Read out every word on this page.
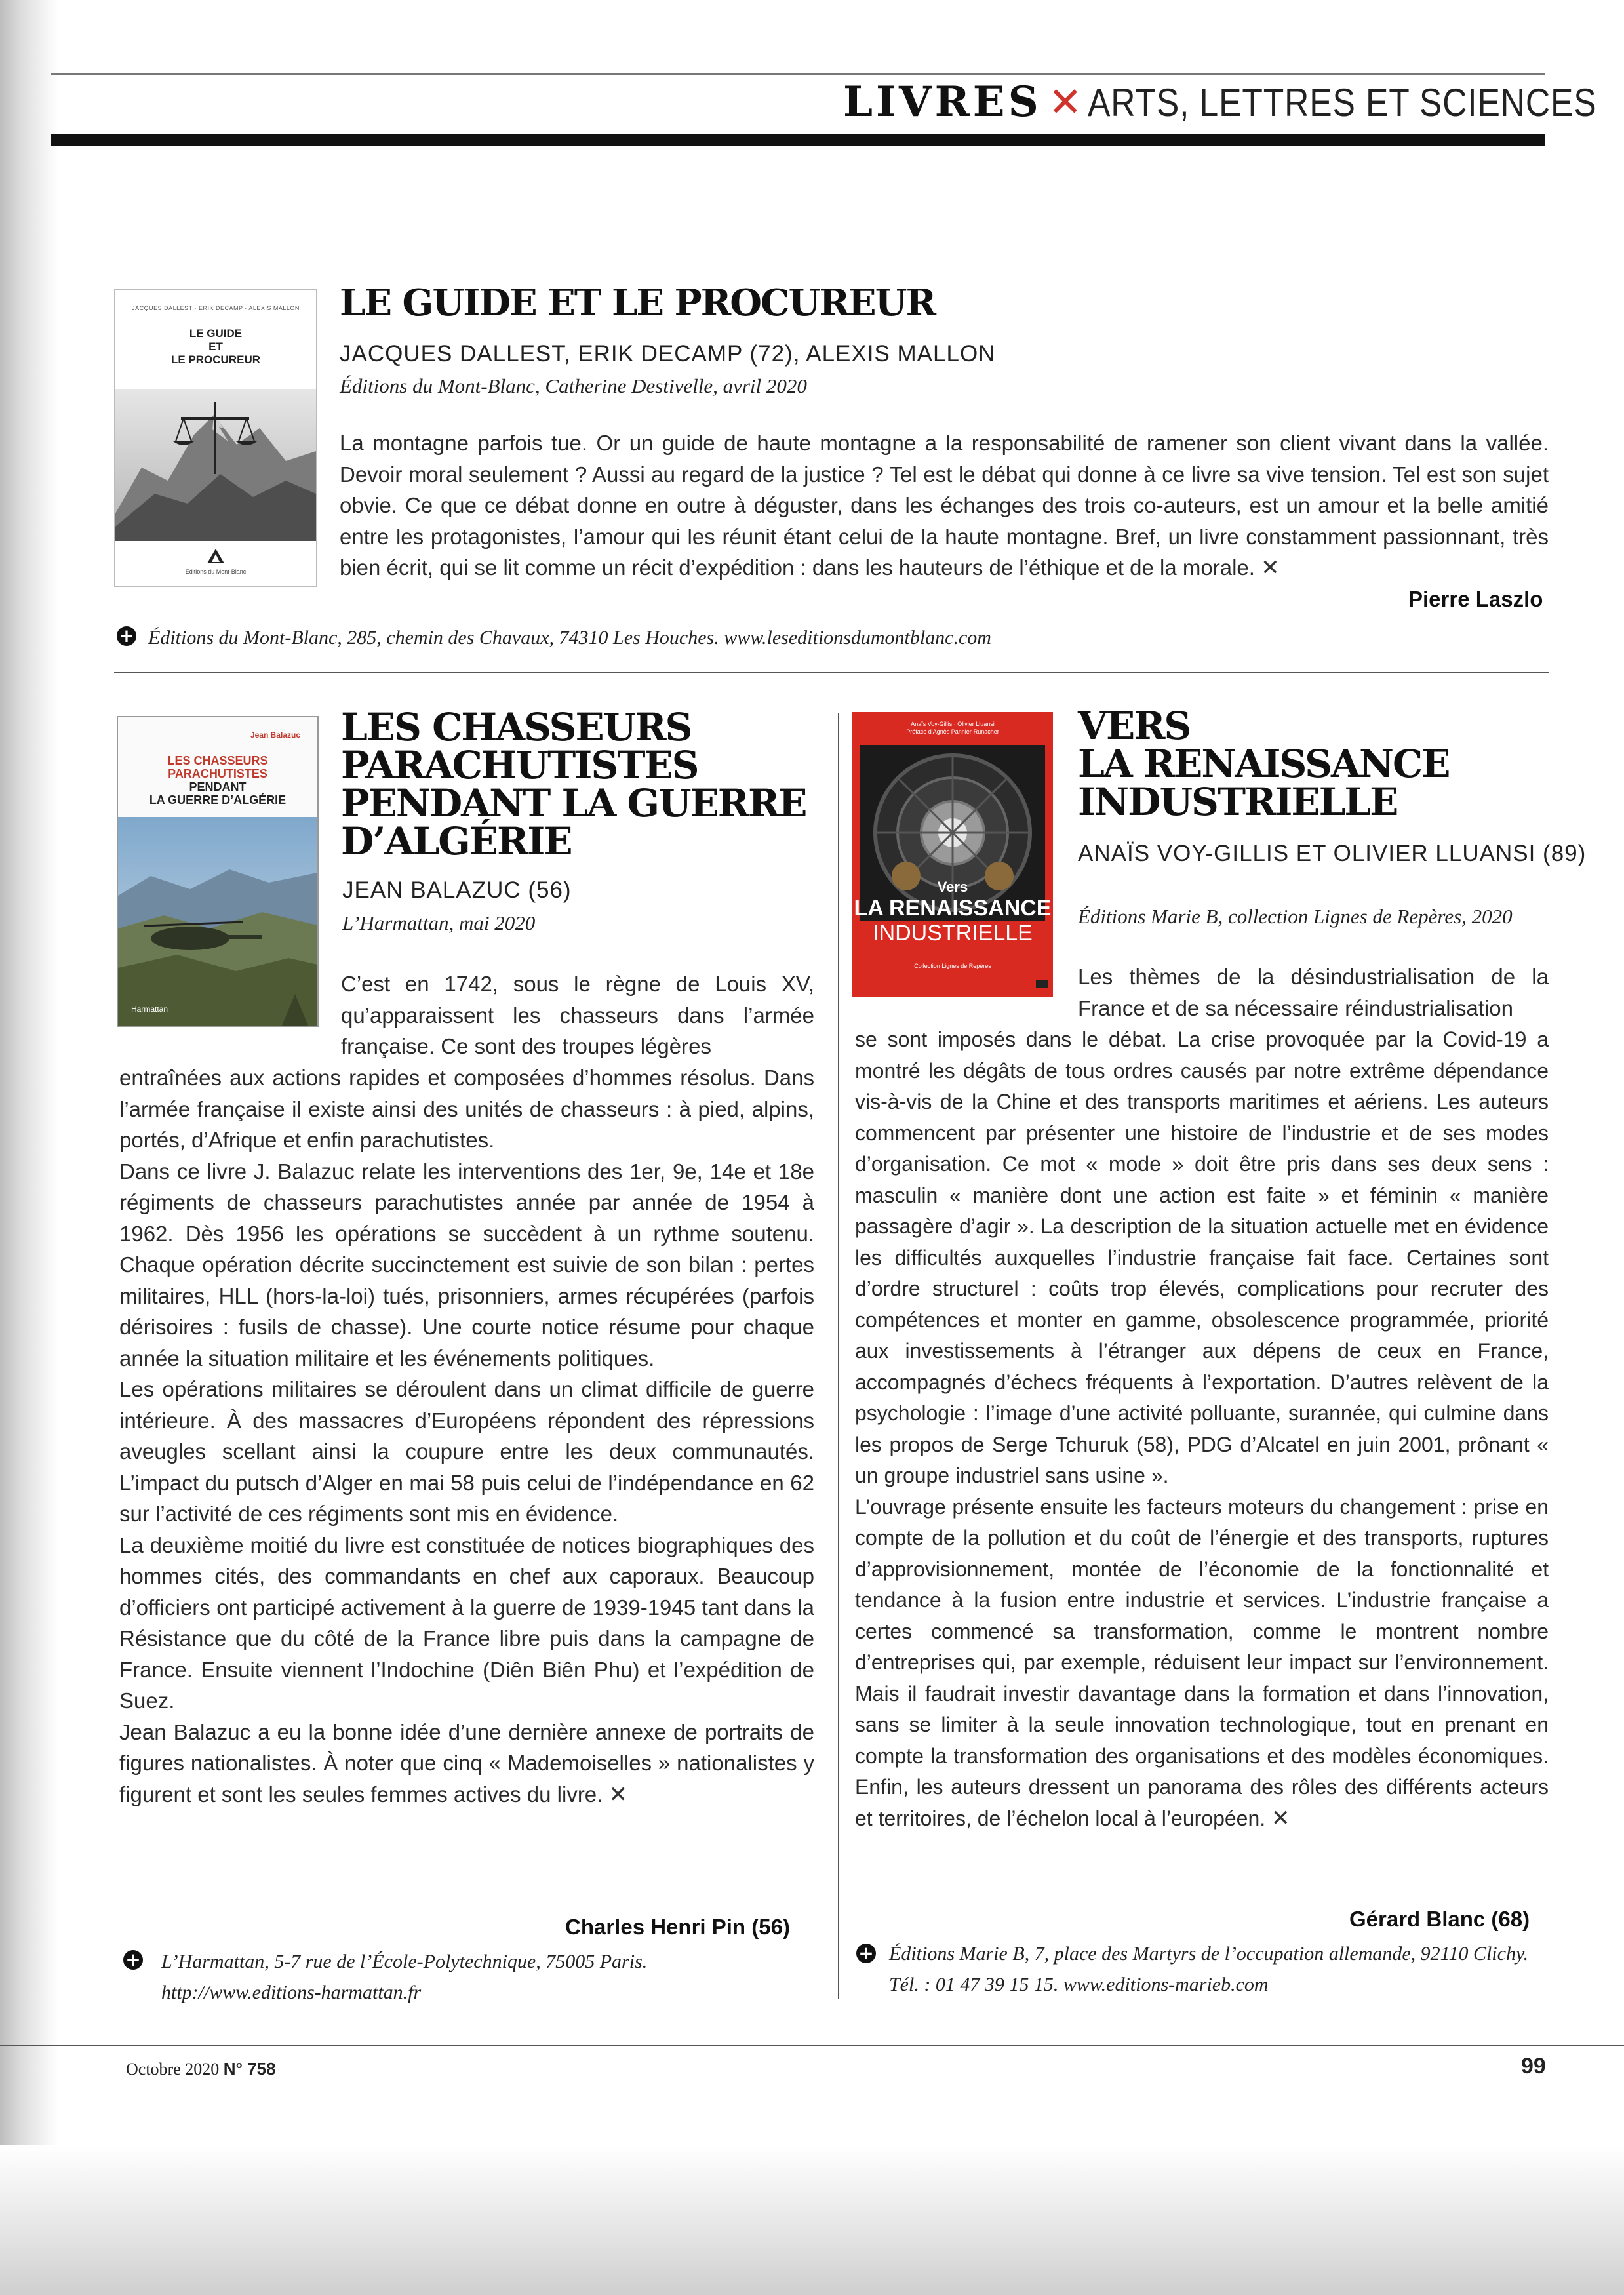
LIVRES ✕ ARTS, LETTRES ET SCIENCES
JACQUES DALLEST · ERIK DECAMP · ALEXIS MALLON
LE GUIDE
ET
LE PROCUREUR
Éditions du Mont-Blanc
LE GUIDE ET LE PROCUREUR
JACQUES DALLEST, ERIK DECAMP (72), ALEXIS MALLON
Éditions du Mont-Blanc, Catherine Destivelle, avril 2020
La montagne parfois tue. Or un guide de haute montagne a la responsabilité de ramener son client vivant dans la vallée. Devoir moral seulement ? Aussi au regard de la justice ? Tel est le débat qui donne à ce livre sa vive tension. Tel est son sujet obvie. Ce que ce débat donne en outre à déguster, dans les échanges des trois co-auteurs, est un amour et la belle amitié entre les protagonistes, l’amour qui les réunit étant celui de la haute montagne. Bref, un livre constamment passionnant, très bien écrit, qui se lit comme un récit d’expédition : dans les hauteurs de l’éthique et de la morale. ✕
Pierre Laszlo
+ Éditions du Mont-Blanc, 285, chemin des Chavaux, 74310 Les Houches. www.leseditionsdumontblanc.com
Jean Balazuc
LES CHASSEURS
PARACHUTISTES
PENDANT
LA GUERRE D’ALGÉRIE
Harmattan
LES CHASSEURS
PARACHUTISTES
PENDANT LA GUERRE
D’ALGÉRIE
JEAN BALAZUC (56)
L’Harmattan, mai 2020

C’est en 1742, sous le règne de Louis XV, qu’apparaissent les chasseurs dans l’armée française. Ce sont des troupes légères

entraînées aux actions rapides et composées d’hommes résolus. Dans l’armée française il existe ainsi des unités de chasseurs : à pied, alpins, portés, d’Afrique et enfin parachutistes.

Dans ce livre J. Balazuc relate les interventions des 1er, 9e, 14e et 18e régiments de chasseurs parachutistes année par année de 1954 à 1962. Dès 1956 les opérations se succèdent à un rythme soutenu. Chaque opération décrite succinctement est suivie de son bilan : pertes militaires, HLL (hors-la-loi) tués, prisonniers, armes récupérées (parfois dérisoires : fusils de chasse). Une courte notice résume pour chaque année la situation militaire et les événements politiques.

Les opérations militaires se déroulent dans un climat difficile de guerre intérieure. À des massacres d’Européens répondent des répressions aveugles scellant ainsi la coupure entre les deux communautés. L’impact du putsch d’Alger en mai 58 puis celui de l’indépendance en 62 sur l’activité de ces régiments sont mis en évidence.

La deuxième moitié du livre est constituée de notices biographiques des hommes cités, des commandants en chef aux caporaux. Beaucoup d’officiers ont participé activement à la guerre de 1939-1945 tant dans la Résistance que du côté de la France libre puis dans la campagne de France. Ensuite viennent l’Indochine (Diên Biên Phu) et l’expédition de Suez.

Jean Balazuc a eu la bonne idée d’une dernière annexe de portraits de figures nationalistes. À noter que cinq « Mademoiselles » nationalistes y figurent et sont les seules femmes actives du livre. ✕

Charles Henri Pin (56)
+ L’Harmattan, 5-7 rue de l’École-Polytechnique, 75005 Paris.
http://www.editions-harmattan.fr
Anaïs Voy-Gillis · Olivier Lluansi
Préface d’Agnès Pannier-Runacher
Vers
LA RENAISSANCE
INDUSTRIELLE
Collection Lignes de Repères
VERS
LA RENAISSANCE
INDUSTRIELLE
ANAÏS VOY-GILLIS ET OLIVIER LLUANSI (89)
Éditions Marie B, collection Lignes de Repères, 2020

Les thèmes de la désindustrialisation de la France et de sa nécessaire réindustrialisation

se sont imposés dans le débat. La crise provoquée par la Covid-19 a montré les dégâts de tous ordres causés par notre extrême dépendance vis-à-vis de la Chine et des transports maritimes et aériens. Les auteurs commencent par présenter une histoire de l’industrie et de ses modes d’organisation. Ce mot « mode » doit être pris dans ses deux sens : masculin « manière dont une action est faite » et féminin « manière passagère d’agir ». La description de la situation actuelle met en évidence les difficultés auxquelles l’industrie française fait face. Certaines sont d’ordre structurel : coûts trop élevés, complications pour recruter des compétences et monter en gamme, obsolescence programmée, priorité aux investissements à l’étranger aux dépens de ceux en France, accompagnés d’échecs fréquents à l’exportation. D’autres relèvent de la psychologie : l’image d’une activité polluante, surannée, qui culmine dans les propos de Serge Tchuruk (58), PDG d’Alcatel en juin 2001, prônant « un groupe industriel sans usine ».

L’ouvrage présente ensuite les facteurs moteurs du changement : prise en compte de la pollution et du coût de l’énergie et des transports, ruptures d’approvisionnement, montée de l’économie de la fonctionnalité et tendance à la fusion entre industrie et services. L’industrie française a certes commencé sa transformation, comme le montrent nombre d’entreprises qui, par exemple, réduisent leur impact sur l’environnement. Mais il faudrait investir davantage dans la formation et dans l’innovation, sans se limiter à la seule innovation technologique, tout en prenant en compte la transformation des organisations et des modèles économiques. Enfin, les auteurs dressent un panorama des rôles des différents acteurs et territoires, de l’échelon local à l’européen. ✕

Gérard Blanc (68)
+ Éditions Marie B, 7, place des Martyrs de l’occupation allemande, 92110 Clichy.
Tél. : 01 47 39 15 15. www.editions-marieb.com
Octobre 2020 N° 758	99
